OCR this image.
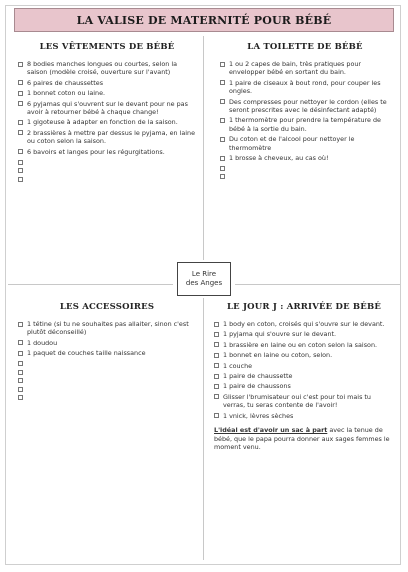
LA VALISE DE MATERNITÉ POUR BÉBÉ
Le Rire
des Anges
LES VÊTEMENTS DE BÉBÉ
8 bodies manches longues ou courtes, selon la saison (modèle croisé, ouverture sur l'avant)
6 paires de chaussettes
1 bonnet coton ou laine.
6 pyjamas qui s'ouvrent sur le devant pour ne pas avoir à retourner bébé à chaque change!
1 gigoteuse à adapter en fonction de la saison.
2 brassières à mettre par dessus le pyjama, en laine ou coton selon la saison.
6 bavoirs et langes pour les régurgitations.
LA TOILETTE DE BÉBÉ
1 ou 2 capes de bain, très pratiques pour envelopper bébé en sortant du bain.
1 paire de ciseaux à bout rond, pour couper les ongles.
Des compresses pour nettoyer le cordon (elles te seront prescrites avec le désinfectant adapté)
1 thermomètre pour prendre la température de bébé à la sortie du bain.
Du coton et de l'alcool pour nettoyer le thermomètre
1 brosse à cheveux, au cas où!
LES ACCESSOIRES
1 tétine (si tu ne souhaites pas allaiter, sinon c'est plutôt déconseillé)
1 doudou
1 paquet de couches taille naissance
LE JOUR J : ARRIVÉE DE BÉBÉ
1 body en coton, croisés qui s'ouvre sur le devant.
1 pyjama qui s'ouvre sur le devant.
1 brassière en laine ou en coton selon la saison.
1 bonnet en laine ou coton, selon.
1 couche
1 paire de chaussette
1 paire de chaussons
Glisser l'brumisateur oui c'est pour toi mais tu verras, tu seras contente de l'avoir!
1 vnick, lèvres sèches
L'idéal est d'avoir un sac à part avec la tenue de bébé, que le papa pourra donner aux sages femmes le moment venu.
